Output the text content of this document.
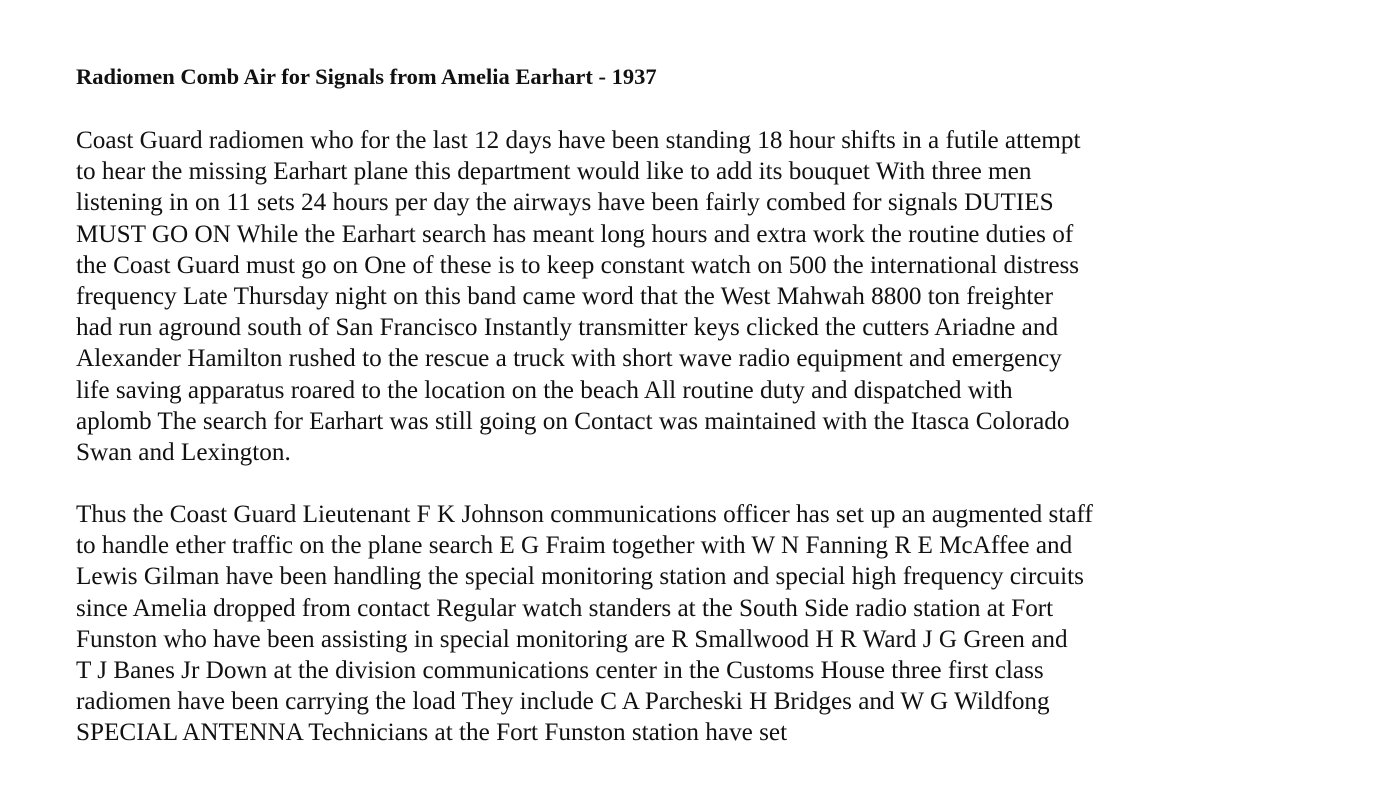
Radiomen Comb Air for Signals from Amelia Earhart - 1937

Coast Guard radiomen who for the last 12 days have been standing 18 hour shifts in a futile attempt
to hear the missing Earhart plane this department would like to add its bouquet With three men
listening in on 11 sets 24 hours per day the airways have been fairly combed for signals DUTIES
MUST GO ON While the Earhart search has meant long hours and extra work the routine duties of
the Coast Guard must go on One of these is to keep constant watch on 500 the international distress
frequency Late Thursday night on this band came word that the West Mahwah 8800 ton freighter
had run aground south of San Francisco Instantly transmitter keys clicked the cutters Ariadne and
Alexander Hamilton rushed to the rescue a truck with short wave radio equipment and emergency
life saving apparatus roared to the location on the beach All routine duty and dispatched with
aplomb The search for Earhart was still going on Contact was maintained with the Itasca Colorado
Swan and Lexington.

Thus the Coast Guard Lieutenant F K Johnson communications officer has set up an augmented staff
to handle ether traffic on the plane search E G Fraim together with W N Fanning R E McAffee and
Lewis Gilman have been handling the special monitoring station and special high frequency circuits
since Amelia dropped from contact Regular watch standers at the South Side radio station at Fort
Funston who have been assisting in special monitoring are R Smallwood H R Ward J G Green and
T J Banes Jr Down at the division communications center in the Customs House three first class
radiomen have been carrying the load They include C A Parcheski H Bridges and W G Wildfong
SPECIAL ANTENNA Technicians at the Fort Funston station have set
